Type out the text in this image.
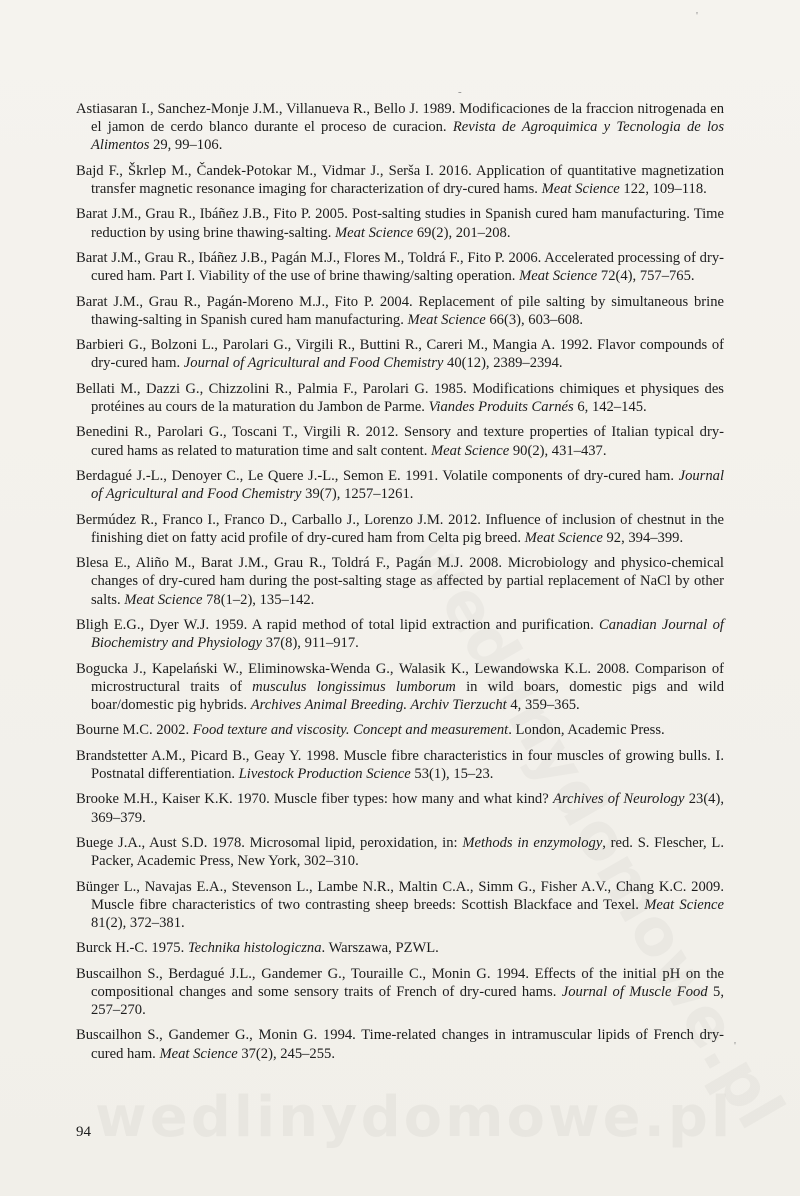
'
-
'
Astiasaran I., Sanchez-Monje J.M., Villanueva R., Bello J. 1989. Modificaciones de la fraccion nitrogenada en el jamon de cerdo blanco durante el proceso de curacion. Revista de Agroquimica y Tecnologia de los Alimentos 29, 99–106.
Bajd F., Škrlep M., Čandek-Potokar M., Vidmar J., Serša I. 2016. Application of quantitative magnetization transfer magnetic resonance imaging for characterization of dry-cured hams. Meat Science 122, 109–118.
Barat J.M., Grau R., Ibáñez J.B., Fito P. 2005. Post-salting studies in Spanish cured ham manufacturing. Time reduction by using brine thawing-salting. Meat Science 69(2), 201–208.
Barat J.M., Grau R., Ibáñez J.B., Pagán M.J., Flores M., Toldrá F., Fito P. 2006. Accelerated processing of dry-cured ham. Part I. Viability of the use of brine thawing/salting operation. Meat Science 72(4), 757–765.
Barat J.M., Grau R., Pagán-Moreno M.J., Fito P. 2004. Replacement of pile salting by simultaneous brine thawing-salting in Spanish cured ham manufacturing. Meat Science 66(3), 603–608.
Barbieri G., Bolzoni L., Parolari G., Virgili R., Buttini R., Careri M., Mangia A. 1992. Flavor compounds of dry-cured ham. Journal of Agricultural and Food Chemistry 40(12), 2389–2394.
Bellati M., Dazzi G., Chizzolini R., Palmia F., Parolari G. 1985. Modifications chimiques et physiques des protéines au cours de la maturation du Jambon de Parme. Viandes Produits Carnés 6, 142–145.
Benedini R., Parolari G., Toscani T., Virgili R. 2012. Sensory and texture properties of Italian typical dry-cured hams as related to maturation time and salt content. Meat Science 90(2), 431–437.
Berdagué J.-L., Denoyer C., Le Quere J.-L., Semon E. 1991. Volatile components of dry-cured ham. Journal of Agricultural and Food Chemistry 39(7), 1257–1261.
Bermúdez R., Franco I., Franco D., Carballo J., Lorenzo J.M. 2012. Influence of inclusion of chestnut in the finishing diet on fatty acid profile of dry-cured ham from Celta pig breed. Meat Science 92, 394–399.
Blesa E., Aliño M., Barat J.M., Grau R., Toldrá F., Pagán M.J. 2008. Microbiology and physico-chemical changes of dry-cured ham during the post-salting stage as affected by partial replacement of NaCl by other salts. Meat Science 78(1–2), 135–142.
Bligh E.G., Dyer W.J. 1959. A rapid method of total lipid extraction and purification. Canadian Journal of Biochemistry and Physiology 37(8), 911–917.
Bogucka J., Kapelański W., Eliminowska-Wenda G., Walasik K., Lewandowska K.L. 2008. Comparison of microstructural traits of musculus longissimus lumborum in wild boars, domestic pigs and wild boar/domestic pig hybrids. Archives Animal Breeding. Archiv Tierzucht 4, 359–365.
Bourne M.C. 2002. Food texture and viscosity. Concept and measurement. London, Academic Press.
Brandstetter A.M., Picard B., Geay Y. 1998. Muscle fibre characteristics in four muscles of growing bulls. I. Postnatal differentiation. Livestock Production Science 53(1), 15–23.
Brooke M.H., Kaiser K.K. 1970. Muscle fiber types: how many and what kind? Archives of Neurology 23(4), 369–379.
Buege J.A., Aust S.D. 1978. Microsomal lipid, peroxidation, in: Methods in enzymology, red. S. Flescher, L. Packer, Academic Press, New York, 302–310.
Bünger L., Navajas E.A., Stevenson L., Lambe N.R., Maltin C.A., Simm G., Fisher A.V., Chang K.C. 2009. Muscle fibre characteristics of two contrasting sheep breeds: Scottish Blackface and Texel. Meat Science 81(2), 372–381.
Burck H.-C. 1975. Technika histologiczna. Warszawa, PZWL.
Buscailhon S., Berdagué J.L., Gandemer G., Touraille C., Monin G. 1994. Effects of the initial pH on the compositional changes and some sensory traits of French of dry-cured hams. Journal of Muscle Food 5, 257–270.
Buscailhon S., Gandemer G., Monin G. 1994. Time-related changes in intramuscular lipids of French dry-cured ham. Meat Science 37(2), 245–255.
94
